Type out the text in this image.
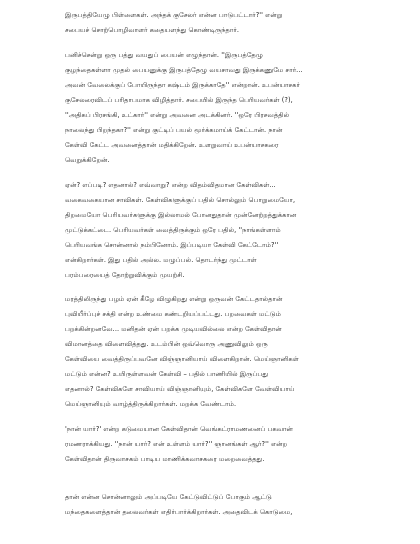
இருபத்தியேழு பிள்ளைகள். அந்தக் குசேலர் என்ன பாடுபட்டார்?'' என்று
சபையச் சொற்பொழிவாளர் கதையளந்து கொண்டிருந்தார்.
பனிச்சென்று ஒரு பத்து வயதுப் பையன் எழுந்தான். ''இருபத்தேழு
குழந்தைகள்ளா முதல் பையனுக்கு இருபத்தேழு வயசாவது இருக்கணுமே சார்...
அவன் வேலைக்குப் போயிருந்தா கஷ்டம் இருக்காதே'' என்றான். உபன்யாசகர்
குசேலரைவிடப் பரிதாபமாக விழித்தார். சபையில் இருந்த பெரியவர்கள் (?),
''அதிகப் பிரசங்கி, உட்கார்'' என்று அவனை அடக்கினர். ''ஒரே பிரசவத்தில்
நாலைந்து பிறந்தகா?'' என்று குட்டிப் பயல் மூர்க்கமாய்க் கேட்டான். நான்
கேள்வி கேட்ட அவனைத்தான் மதிக்கிறேன். உளறுவாய் உபன்யாசகரை
வெறுக்கிறேன்.
ஏன்? எப்படி? எதனால்? எவ்வாறு? என்ற விதம்விதமான கேள்விகள்...
வகைவகையான சாவிகள். கேள்விகளுக்குப் பதில் சொல்லும் பொறுமையோ,
திறமையோ பெரியவர்களுக்கு இல்லாமல் போனதுதான் முன்னேற்றத்துக்கான
முட்டுக்கட்டை. பெரியவர்கள் வைத்திருக்கும் ஒரே பதில், ''நாங்கள்ளாம்
பெரியவங்க சொன்னால் நம்பினோம். இப்படியா கேள்வி கேட்டோம்?''
என்கிறார்கள். இது பதில் அல்ல. மழுப்பல். தொடர்ந்து முட்டாள்
பரம்பரையைத் தோற்றுவிக்கும் முயற்சி.
மரத்திலிருந்து பழம் ஏன் கீழே விழுகிறது என்று ஒருவன் கேட்டதால்தான்
புவியீர்ப்புச் சக்தி என்ற உண்மை கண்டறியப்பட்டது. பறவைகள் மட்டும்
பறக்கின்றனவே... மனிதன் ஏன் பறக்க முடியவில்லை என்ற கேள்விதான்
விமானத்தை விளைவித்தது. உடம்பின் ஒவ்வொரு அணுவிலும் ஒரு
கேள்வியை வைத்திருப்பவனே விஞ்ஞானியாய் விளைகிறான். மெய்ஞானிகள்
மட்டும் என்ன? உயிருள்ளவன் கேள்வி – பதில் பாணியில் இருப்பது
எதனால்? கேள்விகளே சாவியாய் விஞ்ஞானியும், கேள்விகளே வேள்வியாய்
மெய்ஞானியும் வாழ்த்திருக்கிறார்கள். மறக்க வேண்டாம்.
'நான் யார்?' என்ற கடுமையான கேள்விதான் வெங்கட்ராமணனைப் பகவான்
ரமணராக்கியது. ''நான் யார்? என் உள்ளம் யார்?'' ஞானங்கள் ஆர்?'' என்ற
கேள்விதான் திருவாசகம் பாடிய மாணிக்கவாசகரை மறைவைத்தது.
தான் என்ன சொன்னாலும் அப்படியே கேட்டுவிட்டுப் போகும் ஆட்டு
மந்தைகளைத்தான் தலைவர்கள் எதிர்பார்க்கிறார்கள். அதைவிடக் கொடுமை,
